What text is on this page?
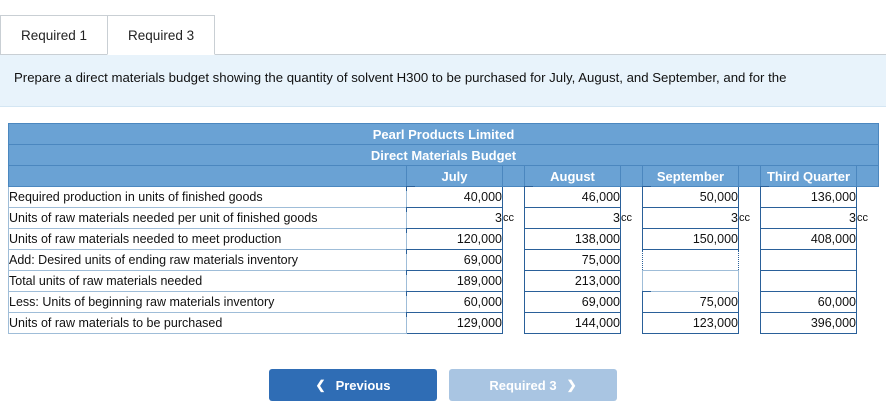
Required 1	Required 3
Prepare a direct materials budget showing the quantity of solvent H300 to be purchased for July, August, and September, and for the
Pearl Products Limited								
Direct Materials Budget								
	July		August		September		Third Quarter	
Required production in units of finished goods	40,000		46,000		50,000		136,000	
Units of raw materials needed per unit of finished goods	3	cc	3	cc	3	cc	3	cc
Units of raw materials needed to meet production	120,000		138,000		150,000		408,000	
Add: Desired units of ending raw materials inventory	69,000		75,000				

Total units of raw materials needed	189,000		213,000				

Less: Units of beginning raw materials inventory	60,000		69,000		75,000		60,000	
Units of raw materials to be purchased	129,000		144,000		123,000		396,000	
❮ Previous	Required 3 ❯
